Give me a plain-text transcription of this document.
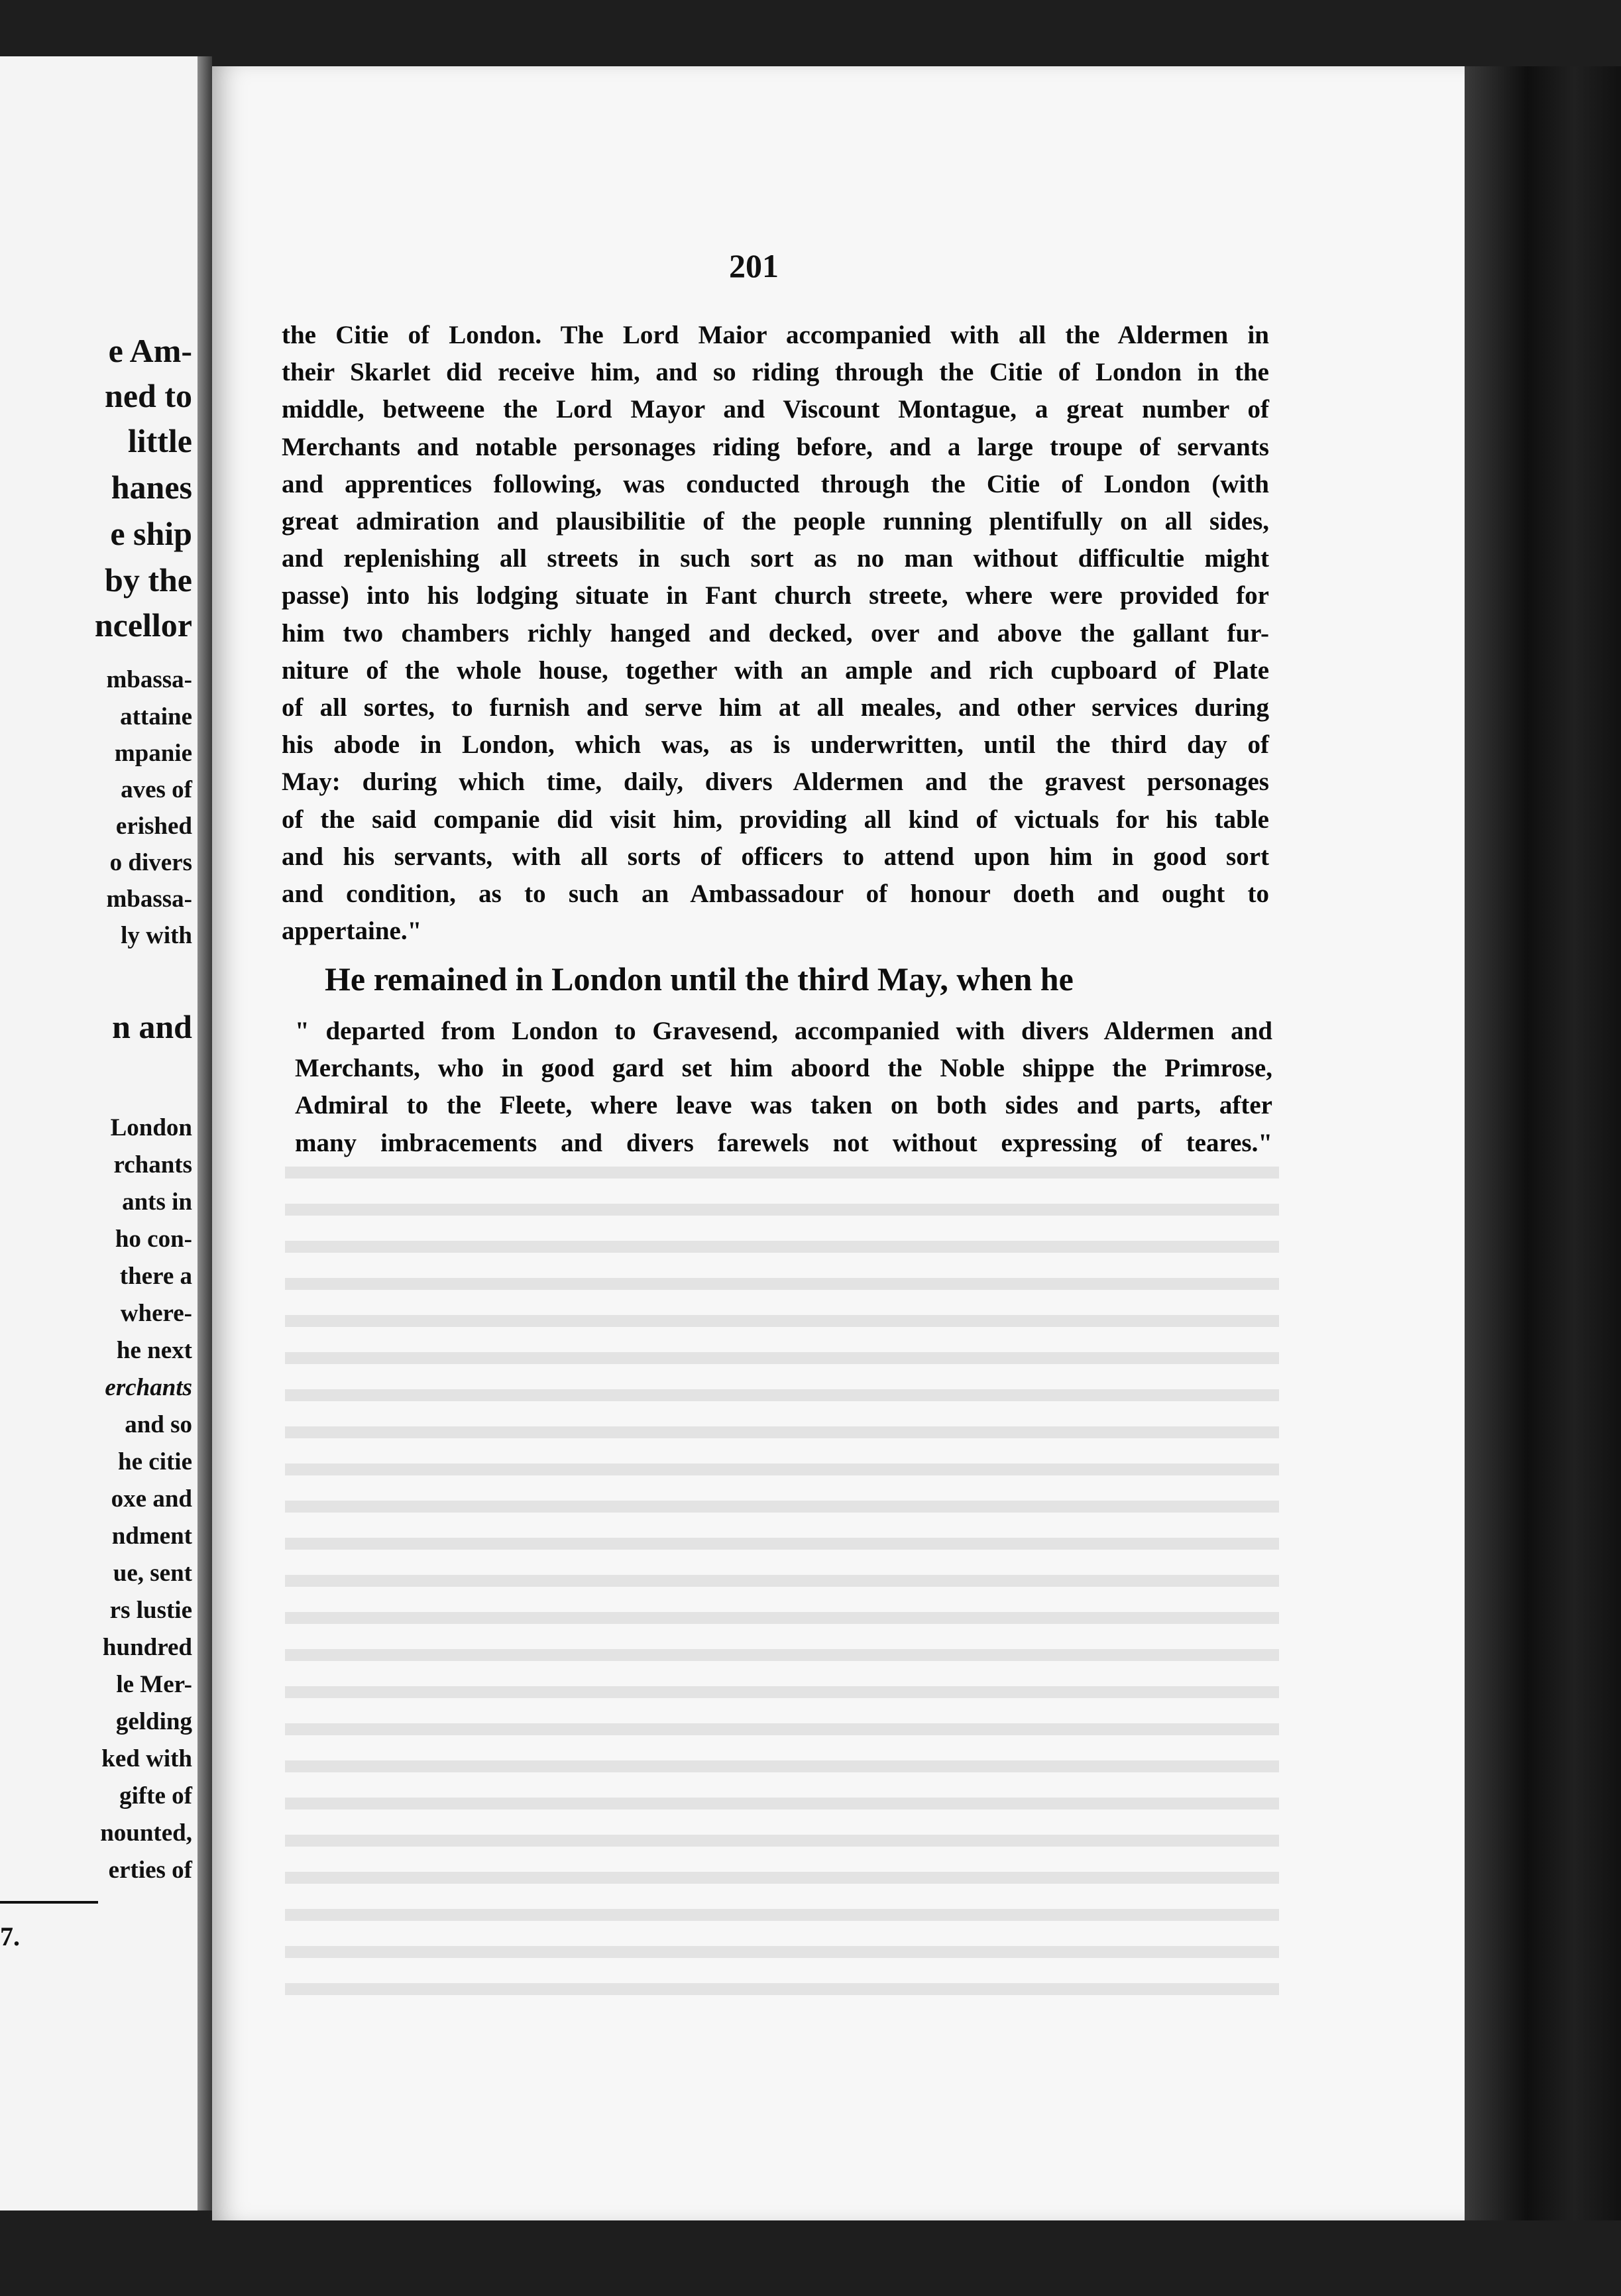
e Am-
ned to
little
hanes
e ship
by the
ncellor
mbassa-
attaine
mpanie
aves of
erished
o divers
mbassa-
ly with
n and
London
rchants
ants in
ho con-
there a
where-
he next
erchants
and so
he citie
oxe and
ndment
ue, sent
rs lustie
hundred
le Mer-
gelding
ked with
gifte of
nounted,
erties of
7.
201

the Citie of London. The Lord Maior accompanied with all the Aldermen in

their Skarlet did receive him, and so riding through the Citie of London in the

middle, betweene the Lord Mayor and Viscount Montague, a great number of

Merchants and notable personages riding before, and a large troupe of servants

and apprentices following, was conducted through the Citie of London (with

great admiration and plausibilitie of the people running plentifully on all sides,

and replenishing all streets in such sort as no man without difficultie might

passe) into his lodging situate in Fant church streete, where were provided for

him two chambers richly hanged and decked, over and above the gallant fur-

niture of the whole house, together with an ample and rich cupboard of Plate

of all sortes, to furnish and serve him at all meales, and other services during

his abode in London, which was, as is underwritten, until the third day of

May: during which time, daily, divers Aldermen and the gravest personages

of the said companie did visit him, providing all kind of victuals for his table

and his servants, with all sorts of officers to attend upon him in good sort

and condition, as to such an Ambassadour of honour doeth and ought to

appertaine."

He remained in London until the third May, when he

" departed from London to Gravesend, accompanied with divers Aldermen and

Merchants, who in good gard set him aboord the Noble shippe the Primrose,

Admiral to the Fleete, where leave was taken on both sides and parts, after

many imbracements and divers farewels not without expressing of teares."
